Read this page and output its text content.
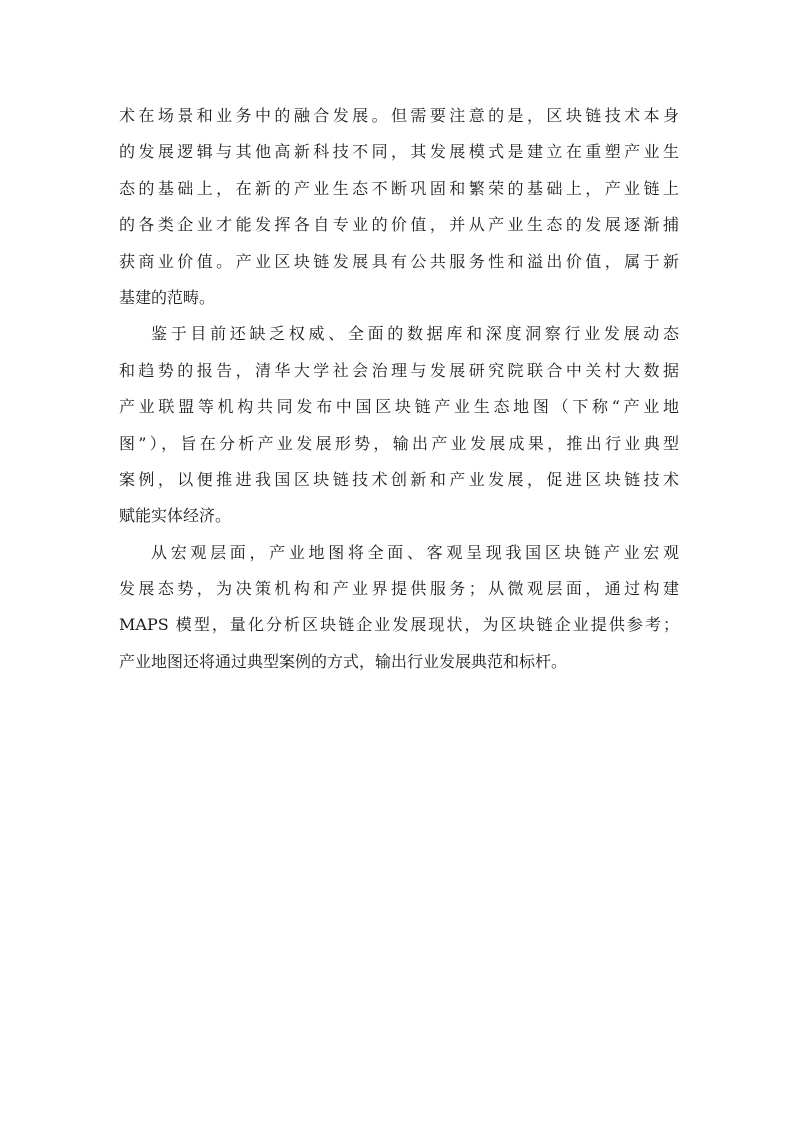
术在场景和业务中的融合发展。但需要注意的是，区块链技术本身
的发展逻辑与其他高新科技不同，其发展模式是建立在重塑产业生
态的基础上，在新的产业生态不断巩固和繁荣的基础上，产业链上
的各类企业才能发挥各自专业的价值，并从产业生态的发展逐渐捕
获商业价值。产业区块链发展具有公共服务性和溢出价值，属于新
基建的范畴。
鉴于目前还缺乏权威、全面的数据库和深度洞察行业发展动态
和趋势的报告，清华大学社会治理与发展研究院联合中关村大数据
产业联盟等机构共同发布中国区块链产业生态地图（下称“产业地
图”），旨在分析产业发展形势，输出产业发展成果，推出行业典型
案例，以便推进我国区块链技术创新和产业发展，促进区块链技术
赋能实体经济。
从宏观层面，产业地图将全面、客观呈现我国区块链产业宏观
发展态势，为决策机构和产业界提供服务；从微观层面，通过构建
MAPS 模型，量化分析区块链企业发展现状，为区块链企业提供参考；
产业地图还将通过典型案例的方式，输出行业发展典范和标杆。
